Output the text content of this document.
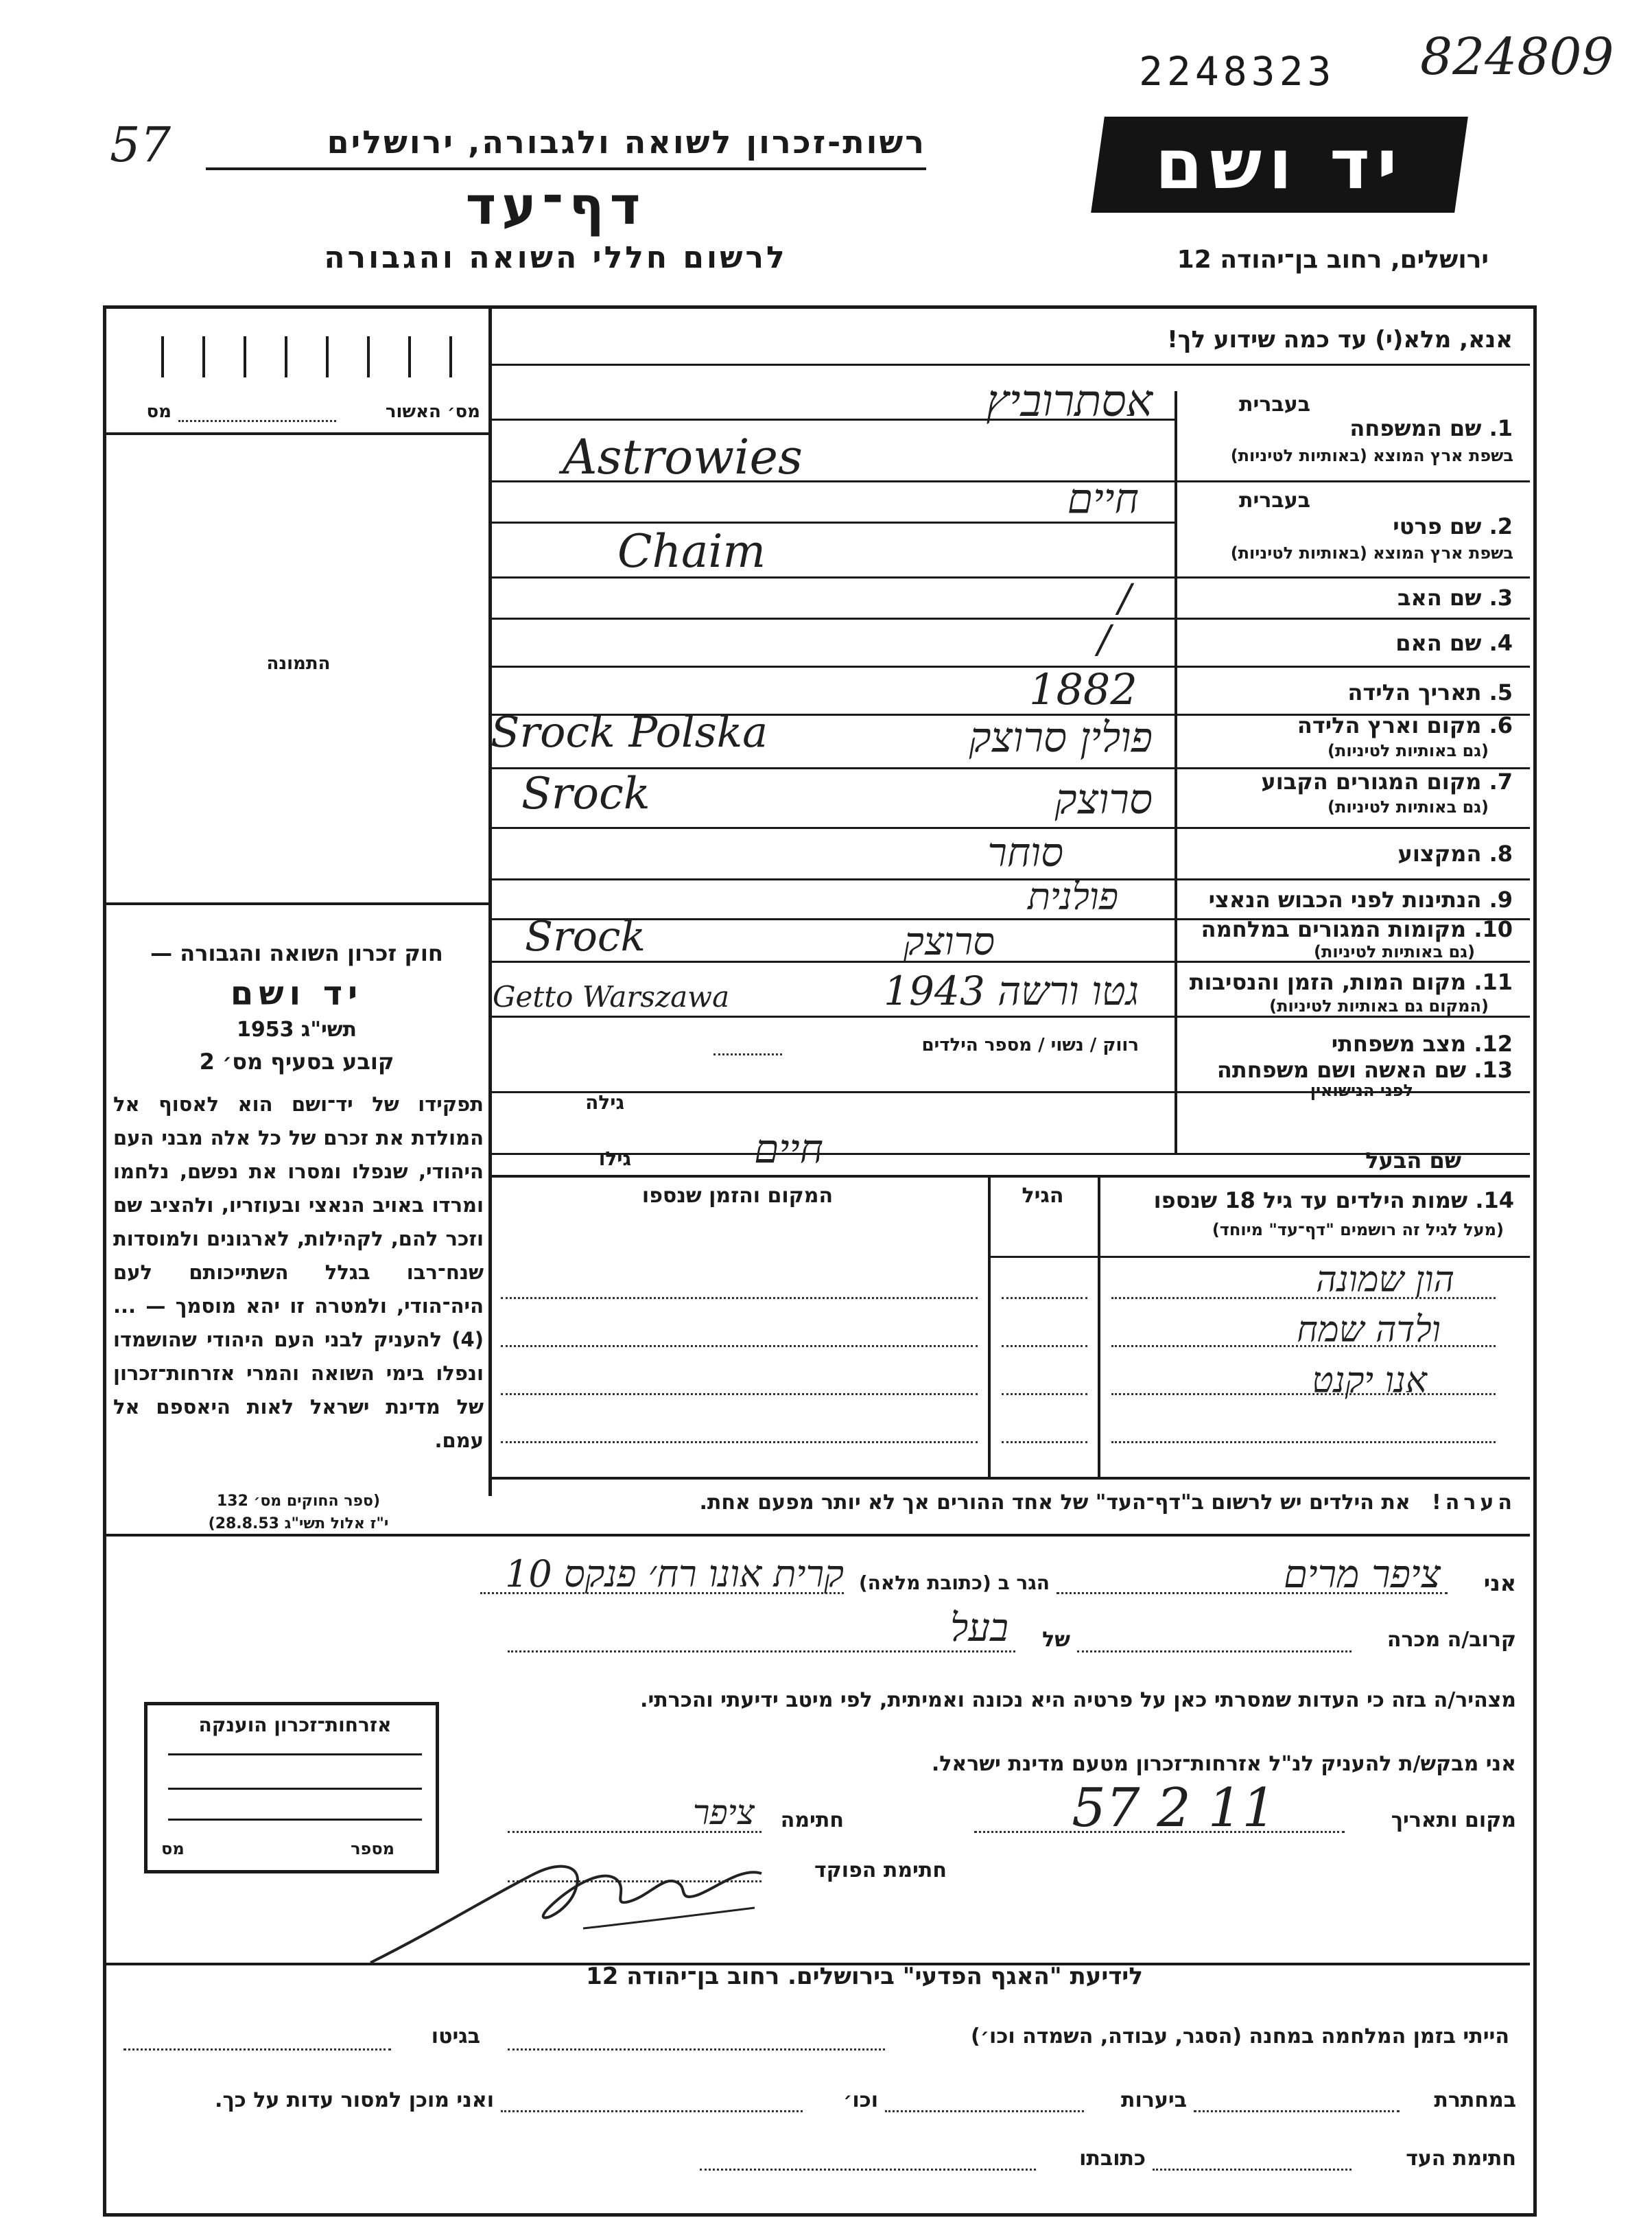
2248323 824809
57	רשות-זכרון לשואה ולגבורה, ירושלים
דף־עד
לרשום חללי השואה והגבורה
יד ושם
ירושלים, רחוב בן־יהודה 12
אנא, מלא(י) עד כמה שידוע לך!
מס׳ האשור
מס
התמונה
חוק זכרון השואה והגבורה —
יד ושם
תשי"ג 1953
קובע בסעיף מס׳ 2
תפקידו של יד־ושם הוא לאסוף אל המולדת את זכרם של כל אלה מבני העם היהודי, שנפלו ומסרו את נפשם, נלחמו ומרדו באויב הנאצי ובעוזריו, ולהציב שם וזכר להם, לקהילות, לארגונים ולמוסדות שנח־רבו בגלל השתייכותם לעם היה־הודי, ולמטרה זו יהא מוסמך — ...(4) להעניק לבני העם היהודי שהושמדו ונפלו בימי השואה והמרי אזרחות־זכרון של מדינת ישראל לאות היאספם אל עמם.
(ספר החוקים מס׳ 132
י"ז אלול תשי"ג 28.8.53)
בעברית
1. שם המשפחה
בשפת ארץ המוצא (באותיות לטיניות)
אסתרוביץ
Astrowies
בעברית
2. שם פרטי
בשפת ארץ המוצא (באותיות לטיניות)
חיים
Chaim
3. שם האב
/
4. שם האם
/
5. תאריך הלידה
1882
6. מקום וארץ הלידה
(גם באותיות לטיניות)
פולין סרוצק
Srock Polska
7. מקום המגורים הקבוע
(גם באותיות לטיניות)
סרוצק
Srock
8. המקצוע
סוחר
9. הנתינות לפני הכבוש הנאצי
פולנית
10. מקומות המגורים במלחמה
(גם באותיות לטיניות)
סרוצק
Srock
11. מקום המות, הזמן והנסיבות
(המקום גם באותיות לטיניות)
גטו ורשה 1943
Getto Warszawa
12. מצב משפחתי
רווק / נשוי / מספר הילדים
13. שם האשה ושם משפחתה
לפני הנישואין
גילה
שם הבעל
גילו	חיים
14. שמות הילדים עד גיל 18 שנספו
(מעל לגיל זה רושמים "דף־עד" מיוחד)
הגיל
המקום והזמן שנספו
הון שמונה
ולדה שמח
אנו יקנט
הערה!   את הילדים יש לרשום ב"דף־העד" של אחד ההורים אך לא יותר מפעם אחת.
אני
ציפר מרים
הגר ב (כתובת מלאה)
קרית אונו רח׳ פנקס 10
קרוב/ה מכרה
של
בעל
מצהיר/ה בזה כי העדות שמסרתי כאן על פרטיה היא נכונה ואמיתית, לפי מיטב ידיעתי והכרתי.
אני מבקש/ת להעניק לנ"ל אזרחות־זכרון מטעם מדינת ישראל.
מקום ותאריך
11 2 57
חתימה
ציפר
חתימת הפוקד
אזרחות־זכרון הוענקה
מספר
מס
לידיעת "האגף הפדעי" בירושלים. רחוב בן־יהודה 12
הייתי בזמן המלחמה במחנה (הסגר, עבודה, השמדה וכו׳)
בגיטו
במחתרת
ביערות
וכו׳
ואני מוכן למסור עדות על כך.
חתימת העד
כתובתו
